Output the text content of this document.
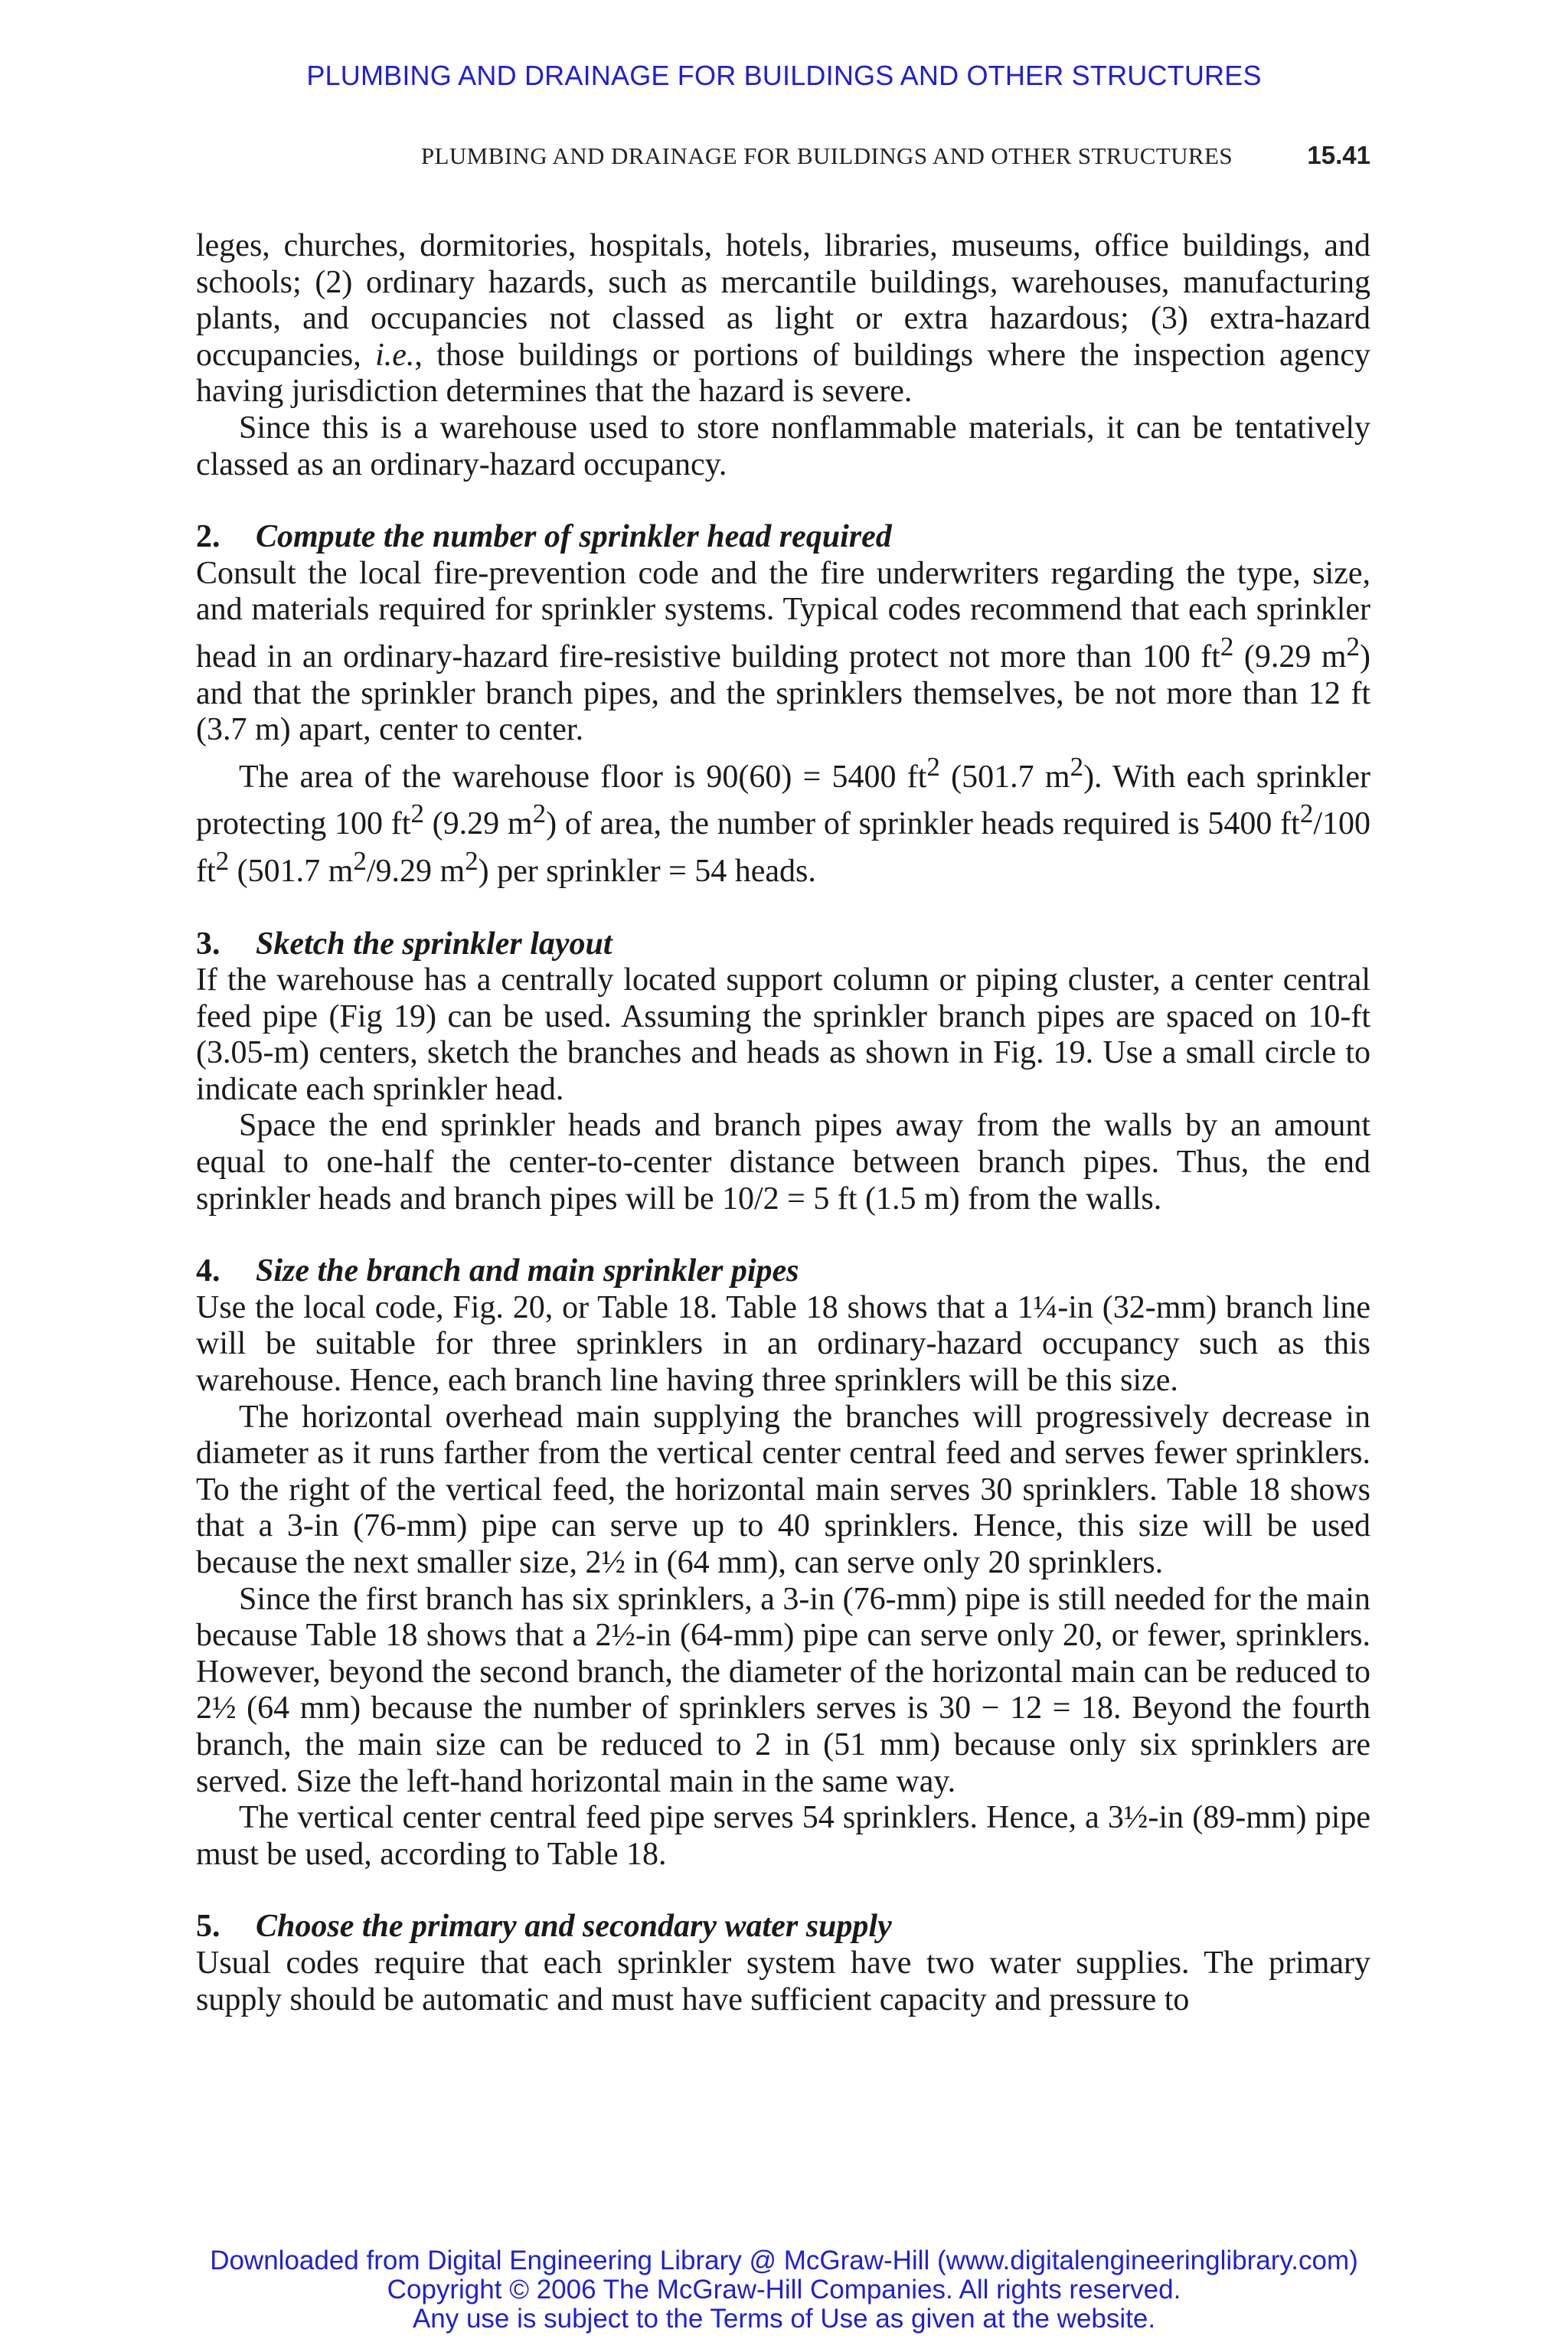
PLUMBING AND DRAINAGE FOR BUILDINGS AND OTHER STRUCTURES
PLUMBING AND DRAINAGE FOR BUILDINGS AND OTHER STRUCTURES	15.41

leges, churches, dormitories, hospitals, hotels, libraries, museums, office buildings, and schools; (2) ordinary hazards, such as mercantile buildings, warehouses, manufacturing plants, and occupancies not classed as light or extra hazardous; (3) extra-hazard occupancies, i.e., those buildings or portions of buildings where the inspection agency having jurisdiction determines that the hazard is severe.

Since this is a warehouse used to store nonflammable materials, it can be tentatively classed as an ordinary-hazard occupancy.

2. Compute the number of sprinkler head required

Consult the local fire-prevention code and the fire underwriters regarding the type, size, and materials required for sprinkler systems. Typical codes recommend that each sprinkler head in an ordinary-hazard fire-resistive building protect not more than 100 $ft^2$ (9.29 $m^2$) and that the sprinkler branch pipes, and the sprinklers themselves, be not more than 12 ft (3.7 m) apart, center to center.

The area of the warehouse floor is 90(60) = 5400 $ft^2$ (501.7 $m^2$). With each sprinkler protecting 100 $ft^2$ (9.29 $m^2$) of area, the number of sprinkler heads required is 5400 $ft^2/100$ $ft^2$ (501.7 $m^2/9.29$ $m^2$) per sprinkler = 54 heads.

3. Sketch the sprinkler layout

If the warehouse has a centrally located support column or piping cluster, a center central feed pipe (Fig 19) can be used. Assuming the sprinkler branch pipes are spaced on 10-ft (3.05-m) centers, sketch the branches and heads as shown in Fig. 19. Use a small circle to indicate each sprinkler head.

Space the end sprinkler heads and branch pipes away from the walls by an amount equal to one-half the center-to-center distance between branch pipes. Thus, the end sprinkler heads and branch pipes will be 10/2 = 5 ft (1.5 m) from the walls.

4. Size the branch and main sprinkler pipes

Use the local code, Fig. 20, or Table 18. Table 18 shows that a 1¼-in (32-mm) branch line will be suitable for three sprinklers in an ordinary-hazard occupancy such as this warehouse. Hence, each branch line having three sprinklers will be this size.

The horizontal overhead main supplying the branches will progressively decrease in diameter as it runs farther from the vertical center central feed and serves fewer sprinklers. To the right of the vertical feed, the horizontal main serves 30 sprinklers. Table 18 shows that a 3-in (76-mm) pipe can serve up to 40 sprinklers. Hence, this size will be used because the next smaller size, 2½ in (64 mm), can serve only 20 sprinklers.

Since the first branch has six sprinklers, a 3-in (76-mm) pipe is still needed for the main because Table 18 shows that a 2½-in (64-mm) pipe can serve only 20, or fewer, sprinklers. However, beyond the second branch, the diameter of the horizontal main can be reduced to 2½ (64 mm) because the number of sprinklers serves is 30 − 12 = 18. Beyond the fourth branch, the main size can be reduced to 2 in (51 mm) because only six sprinklers are served. Size the left-hand horizontal main in the same way.

The vertical center central feed pipe serves 54 sprinklers. Hence, a 3½-in (89-mm) pipe must be used, according to Table 18.

5. Choose the primary and secondary water supply

Usual codes require that each sprinkler system have two water supplies. The primary supply should be automatic and must have sufficient capacity and pressure to

Downloaded from Digital Engineering Library @ McGraw-Hill (www.digitalengineeringlibrary.com)
Copyright © 2006 The McGraw-Hill Companies. All rights reserved.
Any use is subject to the Terms of Use as given at the website.
